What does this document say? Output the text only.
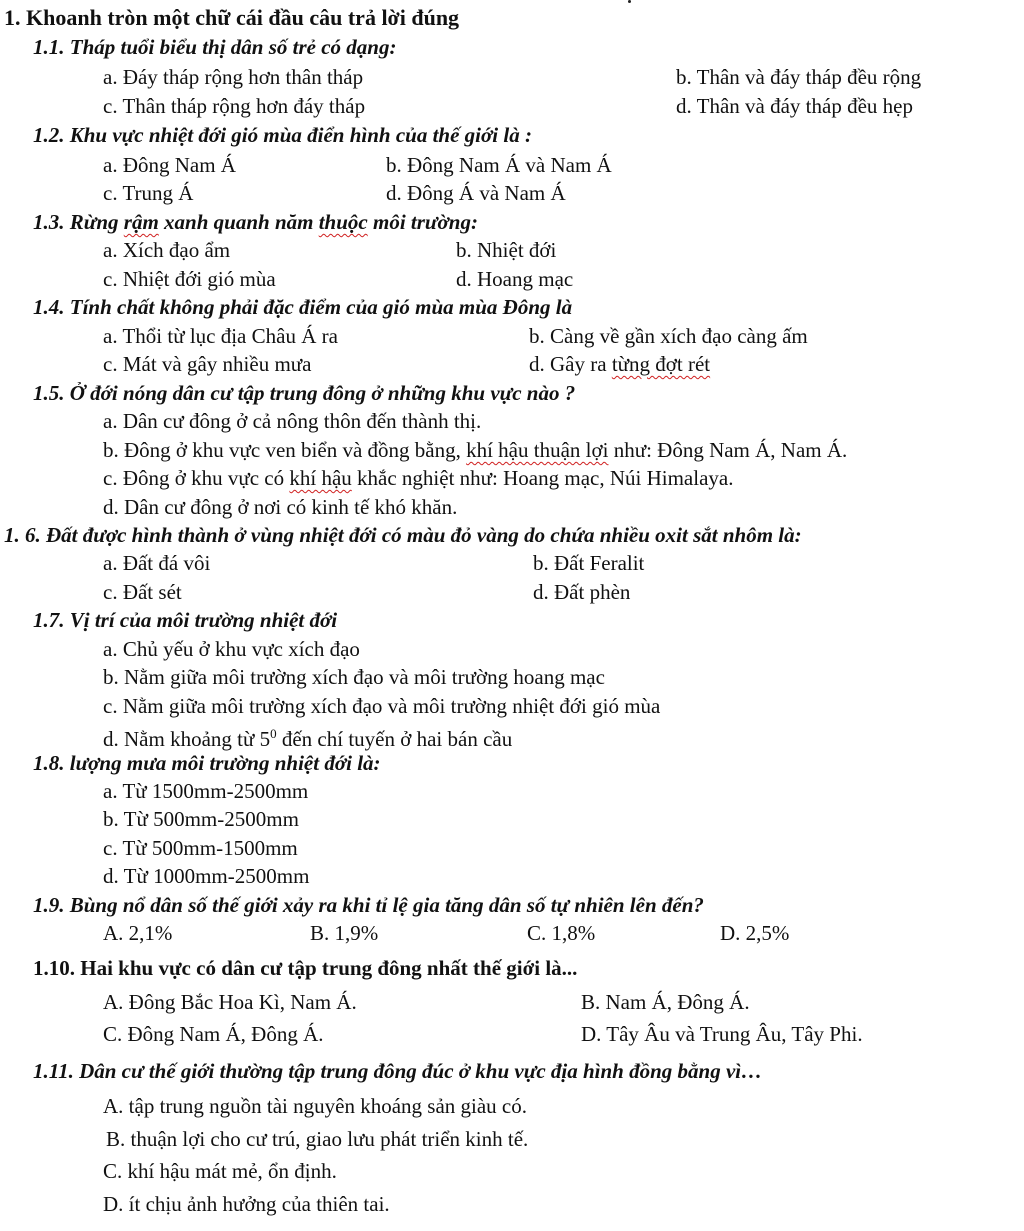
1. Khoanh tròn một chữ cái đầu câu trả lời đúng
1.1. Tháp tuổi biểu thị dân số trẻ có dạng:
a. Đáy tháp rộng hơn thân tháp	b. Thân và đáy tháp đều rộng
c. Thân tháp rộng hơn đáy tháp	d. Thân và đáy tháp đều hẹp
1.2. Khu vực nhiệt đới gió mùa điển hình của thế giới là :
a. Đông Nam Á	b. Đông Nam Á và Nam Á
c. Trung Á	d. Đông Á và Nam Á
1.3. Rừng rậm xanh quanh năm thuộc môi trường:
a. Xích đạo ẩm	b. Nhiệt đới
c. Nhiệt đới gió mùa	d. Hoang mạc
1.4. Tính chất không phải đặc điểm của gió mùa mùa Đông là
a. Thổi từ lục địa Châu Á ra	b. Càng về gần xích đạo càng ấm
c. Mát và gây nhiều mưa	d. Gây ra từng đợt rét
1.5. Ở đới nóng dân cư tập trung đông ở những khu vực nào ?
a. Dân cư đông ở cả nông thôn đến thành thị.
b. Đông ở khu vực ven biển và đồng bằng, khí hậu thuận lợi như: Đông Nam Á, Nam Á.
c. Đông ở khu vực có khí hậu khắc nghiệt như: Hoang mạc, Núi Himalaya.
d. Dân cư đông ở nơi có kinh tế khó khăn.
1. 6. Đất được hình thành ở vùng nhiệt đới có màu đỏ vàng do chứa nhiều oxit sắt nhôm là:
a. Đất đá vôi	b. Đất Feralit
c. Đất sét	d. Đất phèn
1.7. Vị trí của môi trường nhiệt đới
a. Chủ yếu ở khu vực xích đạo
b. Nằm giữa môi trường xích đạo và môi trường hoang mạc
c. Nằm giữa môi trường xích đạo và môi trường nhiệt đới gió mùa
d. Nằm khoảng từ $5^0$ đến chí tuyến ở hai bán cầu
1.8. lượng mưa môi trường nhiệt đới là:
a. Từ 1500mm-2500mm
b. Từ 500mm-2500mm
c. Từ 500mm-1500mm
d. Từ 1000mm-2500mm
1.9. Bùng nổ dân số thế giới xảy ra khi tỉ lệ gia tăng dân số tự nhiên lên đến?
A. 2,1%	B. 1,9%	C. 1,8%	D. 2,5%
1.10. Hai khu vực có dân cư tập trung đông nhất thế giới là...
A. Đông Bắc Hoa Kì, Nam Á.	B. Nam Á, Đông Á.
C. Đông Nam Á, Đông Á.	D. Tây Âu và Trung Âu, Tây Phi.
1.11. Dân cư thế giới thường tập trung đông đúc ở khu vực địa hình đồng bằng vì…
A. tập trung nguồn tài nguyên khoáng sản giàu có.
B. thuận lợi cho cư trú, giao lưu phát triển kinh tế.
C. khí hậu mát mẻ, ổn định.
D. ít chịu ảnh hưởng của thiên tai.
